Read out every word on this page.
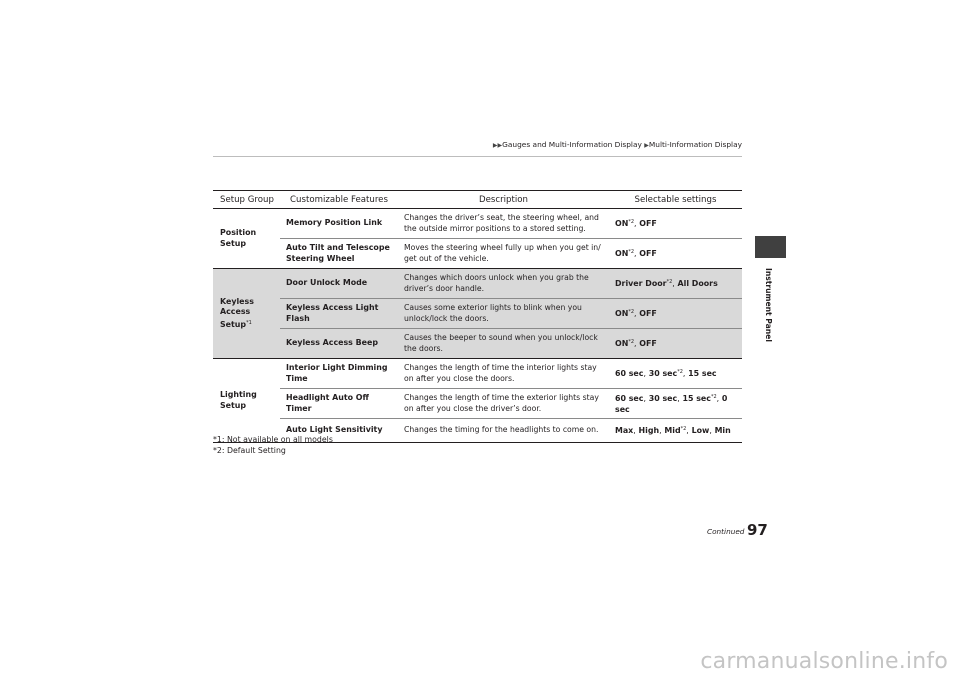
▶▶Gauges and Multi-Information Display ▶Multi-Information Display
Instrument Panel
Setup Group	Customizable Features	Description	Selectable settings
Position Setup	Memory Position Link	Changes the driver’s seat, the steering wheel, and the outside mirror positions to a stored setting.	ON$^{*2}$, OFF
	Auto Tilt and Telescope Steering Wheel	Moves the steering wheel fully up when you get in/ get out of the vehicle.	ON$^{*2}$, OFF
Keyless Access Setup$^{*1}$	Door Unlock Mode	Changes which doors unlock when you grab the driver’s door handle.	Driver Door$^{*2}$, All Doors
	Keyless Access Light Flash	Causes some exterior lights to blink when you unlock/lock the doors.	ON$^{*2}$, OFF
	Keyless Access Beep	Causes the beeper to sound when you unlock/lock the doors.	ON$^{*2}$, OFF
Lighting Setup	Interior Light Dimming Time	Changes the length of time the interior lights stay on after you close the doors.	60 sec, 30 $\sec^{*2}$, 15 sec
	Headlight Auto Off Timer	Changes the length of time the exterior lights stay on after you close the driver’s door.	60 sec, 30 sec, 15 $\sec^{*2}$, 0 sec
	Auto Light Sensitivity	Changes the timing for the headlights to come on.	Max, High, Mid$^{*2}$, Low, Min
*1: Not available on all models
*2: Default Setting
Continued 97
carmanualsonline.info
